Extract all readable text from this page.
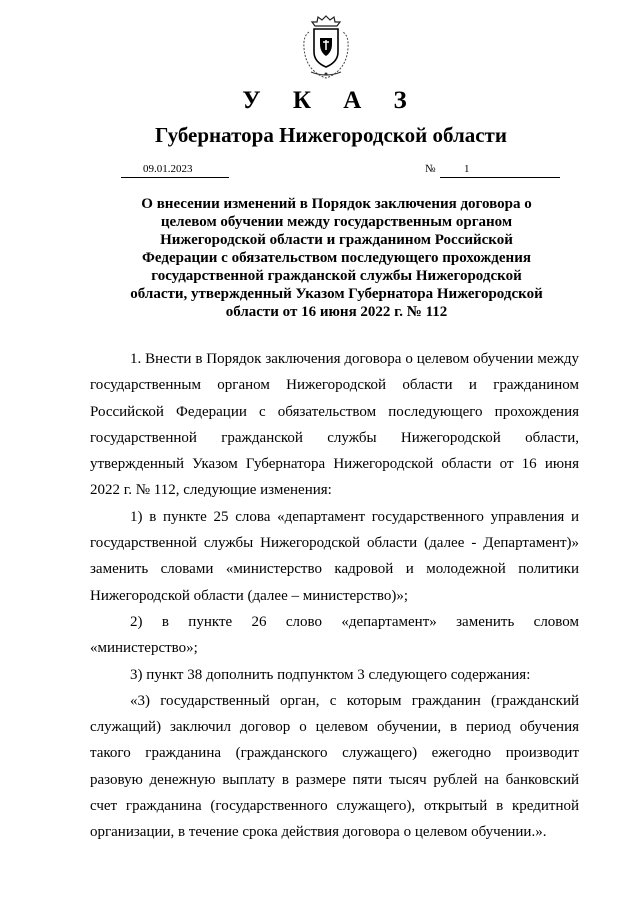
У К А З
Губернатора Нижегородской области
09.01.2023	№	1
О внесении изменений в Порядок заключения договора о целевом обучении между государственным органом Нижегородской области и гражданином Российской Федерации с обязательством последующего прохождения государственной гражданской службы Нижегородской области, утвержденный Указом Губернатора Нижегородской области от 16 июня 2022 г. № 112

1. Внести в Порядок заключения договора о целевом обучении между государственным органом Нижегородской области и гражданином Российской Федерации с обязательством последующего прохождения государственной гражданской службы Нижегородской области, утвержденный Указом Губернатора Нижегородской области от 16 июня 2022 г. № 112, следующие изменения:

1) в пункте 25 слова «департамент государственного управления и государственной службы Нижегородской области (далее - Департамент)» заменить словами «министерство кадровой и молодежной политики Нижегородской области (далее – министерство)»;

2) в пункте 26 слово «департамент» заменить словом «министерство»;

3) пункт 38 дополнить подпунктом 3 следующего содержания:

«3) государственный орган, с которым гражданин (гражданский служащий) заключил договор о целевом обучении, в период обучения такого гражданина (гражданского служащего) ежегодно производит разовую денежную выплату в размере пяти тысяч рублей на банковский счет гражданина (государственного служащего), открытый в кредитной организации, в течение срока действия договора о целевом обучении.».
